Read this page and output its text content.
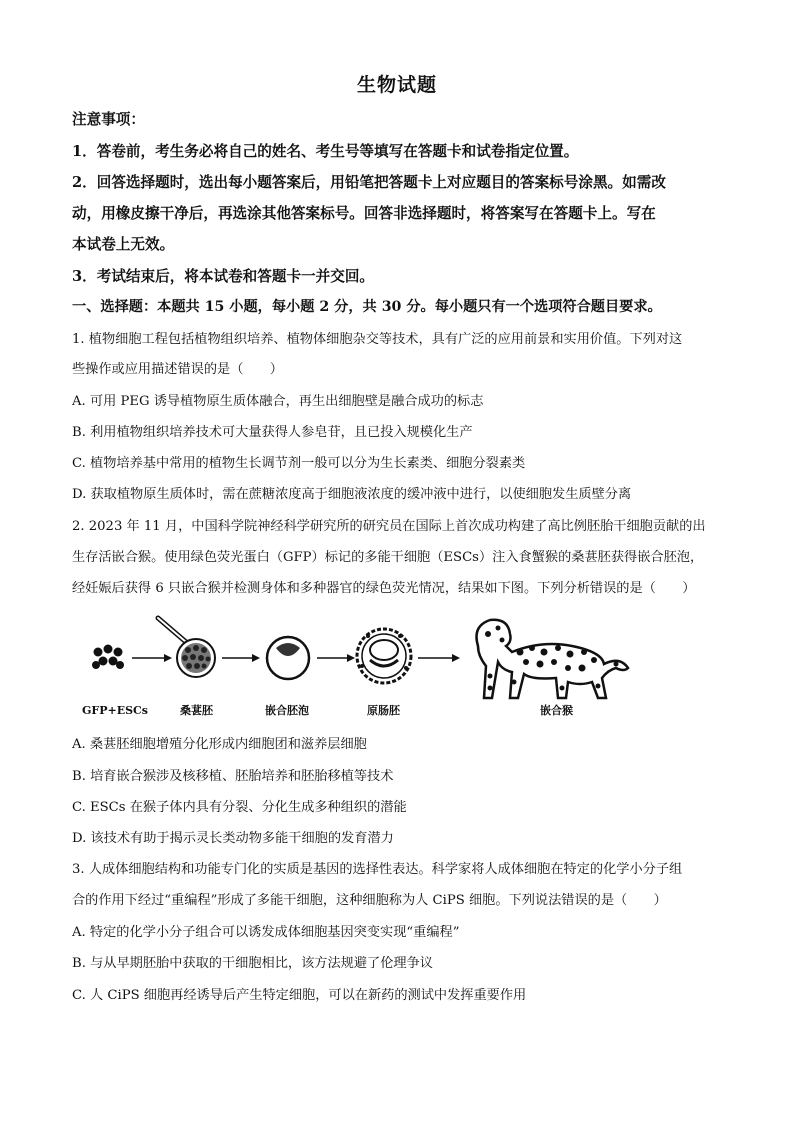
生物试题
注意事项：
1．答卷前，考生务必将自己的姓名、考生号等填写在答题卡和试卷指定位置。
2．回答选择题时，选出每小题答案后，用铅笔把答题卡上对应题目的答案标号涂黑。如需改
动，用橡皮擦干净后，再选涂其他答案标号。回答非选择题时，将答案写在答题卡上。写在
本试卷上无效。
3．考试结束后，将本试卷和答题卡一并交回。
一、选择题：本题共 15 小题，每小题 2 分，共 30 分。每小题只有一个选项符合题目要求。
1. 植物细胞工程包括植物组织培养、植物体细胞杂交等技术，具有广泛的应用前景和实用价值。下列对这
些操作或应用描述错误的是（　　）
A. 可用 PEG 诱导植物原生质体融合，再生出细胞壁是融合成功的标志
B. 利用植物组织培养技术可大量获得人参皂苷，且已投入规模化生产
C. 植物培养基中常用的植物生长调节剂一般可以分为生长素类、细胞分裂素类
D. 获取植物原生质体时，需在蔗糖浓度高于细胞液浓度的缓冲液中进行，以使细胞发生质壁分离
2. 2023 年 11 月，中国科学院神经科学研究所的研究员在国际上首次成功构建了高比例胚胎干细胞贡献的出
生存活嵌合猴。使用绿色荧光蛋白（GFP）标记的多能干细胞（ESCs）注入食蟹猴的桑葚胚获得嵌合胚泡，
经妊娠后获得 6 只嵌合猴并检测身体和多种器官的绿色荧光情况，结果如下图。下列分析错误的是（　　）
GFP+ESCs	桑葚胚	嵌合胚泡	原肠胚	嵌合猴
A. 桑葚胚细胞增殖分化形成内细胞团和滋养层细胞
B. 培育嵌合猴涉及核移植、胚胎培养和胚胎移植等技术
C. ESCs 在猴子体内具有分裂、分化生成多种组织的潜能
D. 该技术有助于揭示灵长类动物多能干细胞的发育潜力
3. 人成体细胞结构和功能专门化的实质是基因的选择性表达。科学家将人成体细胞在特定的化学小分子组
合的作用下经过“重编程”形成了多能干细胞，这种细胞称为人 CiPS 细胞。下列说法错误的是（　　）
A. 特定的化学小分子组合可以诱发成体细胞基因突变实现“重编程”
B. 与从早期胚胎中获取的干细胞相比，该方法规避了伦理争议
C. 人 CiPS 细胞再经诱导后产生特定细胞，可以在新药的测试中发挥重要作用
